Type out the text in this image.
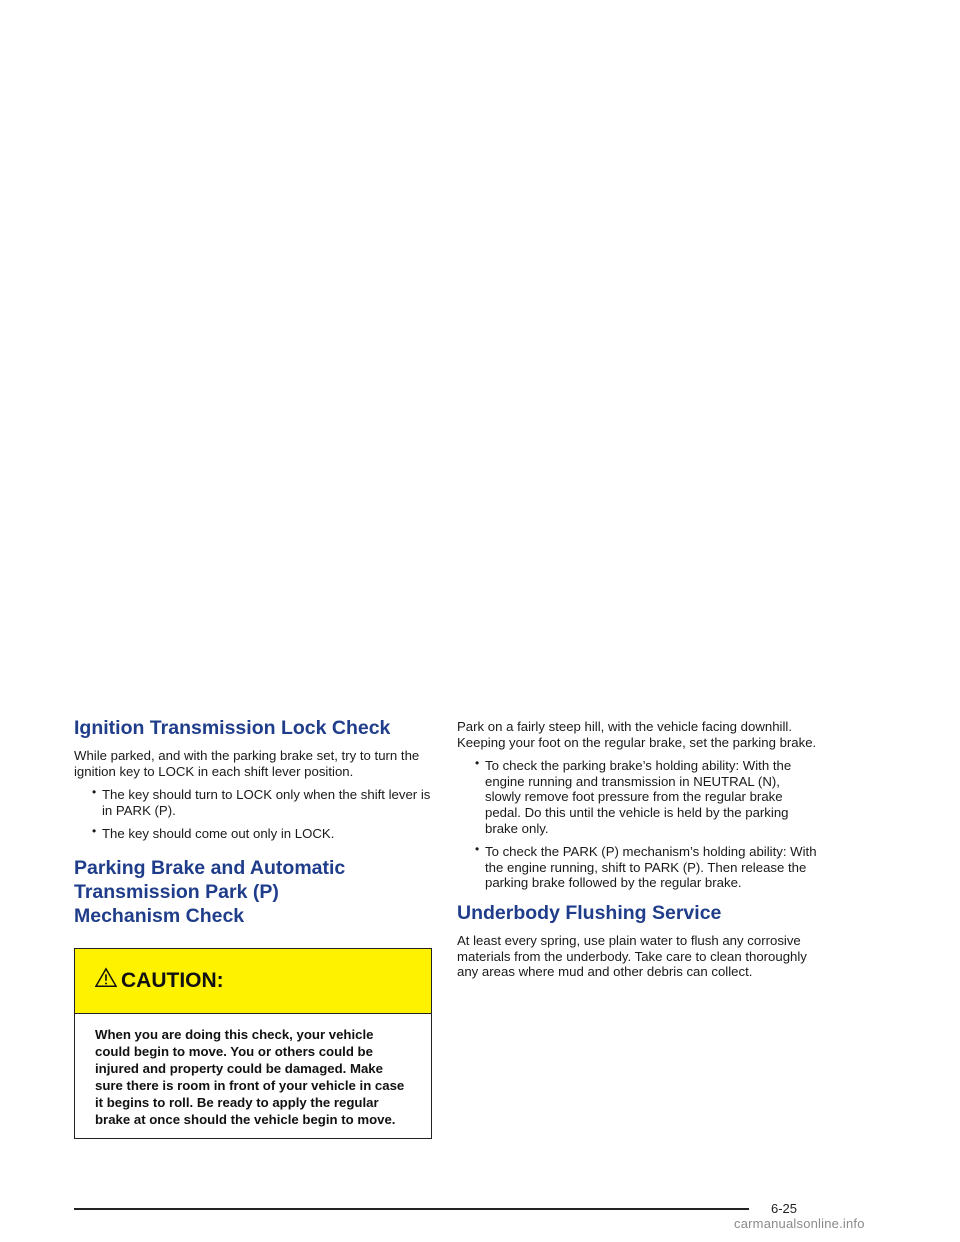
Ignition Transmission Lock Check

While parked, and with the parking brake set, try to turn the ignition key to LOCK in each shift lever position.

• The key should turn to LOCK only when the shift lever is in PARK (P).
• The key should come out only in LOCK.
Parking Brake and Automatic
Transmission Park (P)
Mechanism Check
CAUTION:
When you are doing this check, your vehicle could begin to move. You or others could be injured and property could be damaged. Make sure there is room in front of your vehicle in case it begins to roll. Be ready to apply the regular brake at once should the vehicle begin to move.

Park on a fairly steep hill, with the vehicle facing downhill. Keeping your foot on the regular brake, set the parking brake.

• To check the parking brake’s holding ability: With the engine running and transmission in NEUTRAL (N), slowly remove foot pressure from the regular brake pedal. Do this until the vehicle is held by the parking brake only.
• To check the PARK (P) mechanism’s holding ability: With the engine running, shift to PARK (P). Then release the parking brake followed by the regular brake.
Underbody Flushing Service

At least every spring, use plain water to flush any corrosive materials from the underbody. Take care to clean thoroughly any areas where mud and other debris can collect.

6-25
carmanualsonline.info
